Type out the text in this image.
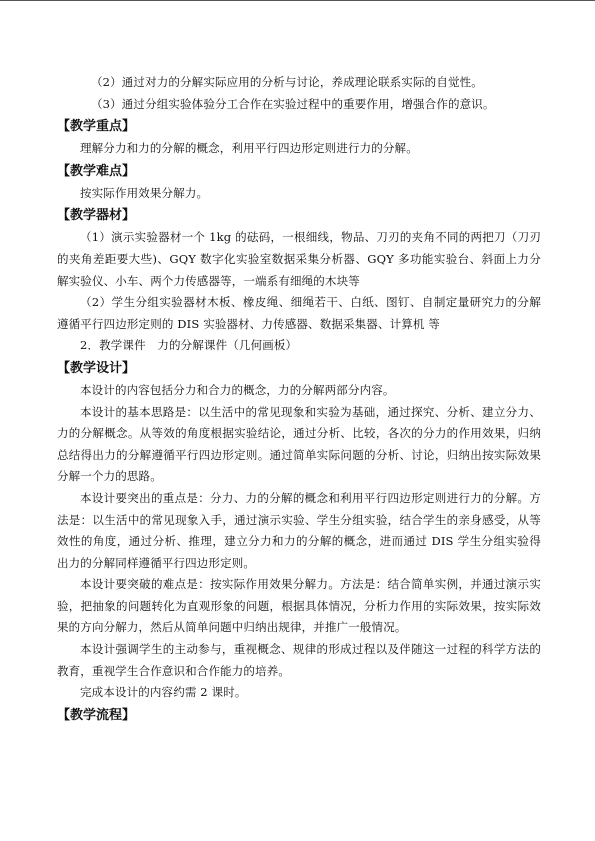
（2）通过对力的分解实际应用的分析与讨论，养成理论联系实际的自觉性。

（3）通过分组实验体验分工合作在实验过程中的重要作用，增强合作的意识。

【教学重点】

理解分力和力的分解的概念，利用平行四边形定则进行力的分解。

【教学难点】

按实际作用效果分解力。

【教学器材】

（1）演示实验器材一个 1kg 的砝码，一根细线，物品、刀刃的夹角不同的两把刀（刀刃的夹角差距要大些)、GQY 数字化实验室数据采集分析器、GQY 多功能实验台、斜面上力分解实验仪、小车、两个力传感器等，一端系有细绳的木块等

（2）学生分组实验器材木板、橡皮绳、细绳若干、白纸、图钉、自制定量研究力的分解遵循平行四边形定则的 DIS 实验器材、力传感器、数据采集器、计算机 等

2．教学课件　力的分解课件（几何画板）

【教学设计】

本设计的内容包括分力和合力的概念，力的分解两部分内容。

本设计的基本思路是：以生活中的常见现象和实验为基础，通过探究、分析、建立分力、力的分解概念。从等效的角度根据实验结论，通过分析、比较，各次的分力的作用效果，归纳总结得出力的分解遵循平行四边形定则。通过简单实际问题的分析、讨论，归纳出按实际效果分解一个力的思路。

本设计要突出的重点是：分力、力的分解的概念和利用平行四边形定则进行力的分解。方法是：以生活中的常见现象入手，通过演示实验、学生分组实验，结合学生的亲身感受，从等效性的角度，通过分析、推理，建立分力和力的分解的概念，进而通过 DIS 学生分组实验得出力的分解同样遵循平行四边形定则。

本设计要突破的难点是：按实际作用效果分解力。方法是：结合简单实例，并通过演示实验，把抽象的问题转化为直观形象的问题，根据具体情况，分析力作用的实际效果，按实际效果的方向分解力，然后从简单问题中归纳出规律，并推广一般情况。

本设计强调学生的主动参与，重视概念、规律的形成过程以及伴随这一过程的科学方法的教育，重视学生合作意识和合作能力的培养。

完成本设计的内容约需 2 课时。

【教学流程】
